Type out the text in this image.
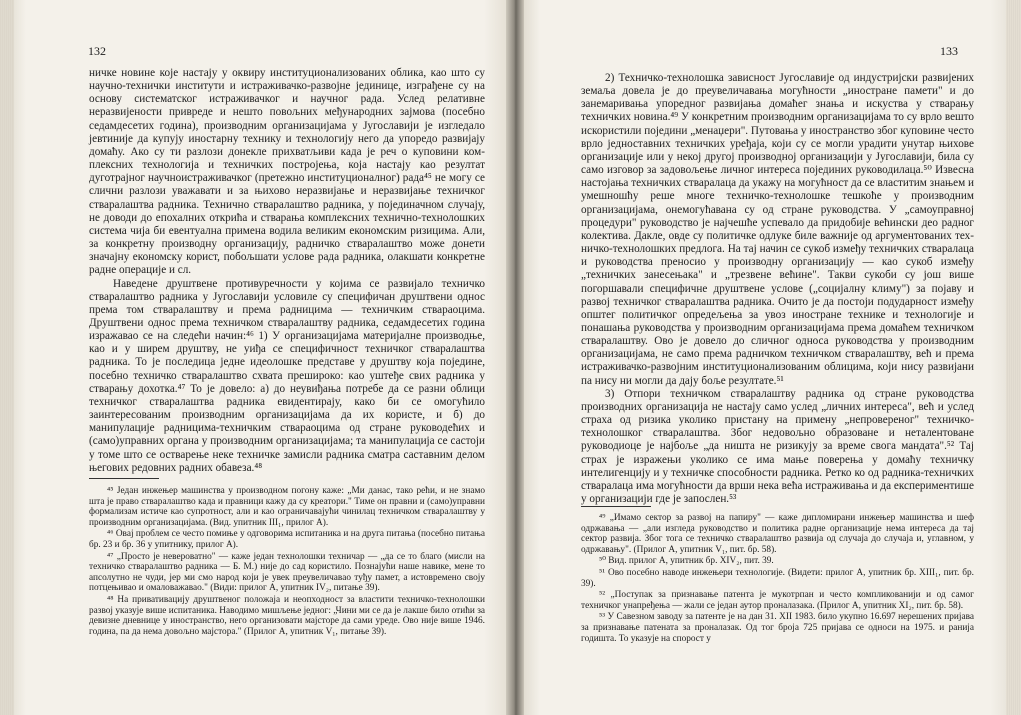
132

ничке новине које настају у оквиру институционализованих облика, као што су научно-технички институти и истраживачко-развојне јединице, изграђене су на основу систематског истраживачког и научног рада. Услед релативне неразвијености привреде и нешто повољних међународних зајмова (посебно седамдесетих година), производним организацијама у Југославији је изгледало јевтиније да купују иностарну технику и технологију него да упоредо развијају домаћу. Ако су ти разлози донекле прихватљиви када је реч о куповини комплексних технологија и техничких постројења, која настају као резултат дуготрајног научноистраживачког (претежно институционалног) рада⁴⁵ не могу се слични разлози уважавати и за њихово неразвијање и неразвијање техничког стваралаштва радника. Технично стваралаштво радника, у појединачном случају, не доводи до епохалних открића и стварања комплексних технично-технолошких система чија би евентуална примена водила великим економским ризицима. Али, за конкретну производну организацију, радничко стваралаштво може донети значајну економску корист, побољшати услове рада радника, олакшати конкретне радне операције и сл.

Наведене друштвене противуречности у којима се развијало техничко стваралаштво радника у Југославији условиле су специфичан друштвени однос према том стваралаштву и према радницима — техничким ствараоцима. Друштвени однос према техничком стваралаштву радника, седамдесетих година изражавао се на следећи начин:⁴⁶ 1) У организацијама материјалне производње, као и у ширем друштву, не уиђа се специфичност техничког стваралаштва радника. То је последица једне идеолошке представе у друштву која поједине, посебно техничко стваралаштво схвата прешироко: као уштеђе свих радника у стварању дохотка.⁴⁷ То је довело: а) до неувиђања потребе да се разни облици техничког стваралаштва радника евидентирају, како би се омогућило заинтересованим производним организацијама да их користе, и б) до манипулације радницима-техничким ствараоцима од стране руководећих и (само)управних органа у производним организацијама; та манипулација се састоји у томе што се остварење неке техничке замисли радника сматра саставним делом његових редовних радних обавеза.⁴⁸

⁴⁵ Један инжењер машинства у производном погону каже: „Ми данас, тако рећи, и не знамо шта је право стваралаштво када и правници кажу да су креатори." Тиме он правни и (само)управни формализам истиче као супротност, али и као ограничавајући чинилац техничком стваралаштву у производним организацијама. (Вид. упитник III₁, прилог А).

⁴⁶ Овај проблем се често помиње у одговорима испитаника и на друга питања (посебно питања бр. 23 и бр. 36 у упитнику, прилог А).

⁴⁷ „Просто је невероватно" — каже један технолошки техничар — „да се то благо (мисли на техничко стваралаштво радника — Б. М.) није до сад користило. Познајући наше навике, мене то апсолутно не чуди, јер ми смо народ који је увек преувеличавао туђу памет, а истовремено своју потцењивао и омаловажавао." (Види: прилог А, упитник IV₂, питање 39).

⁴⁸ На привативацију друштвеног положаја и неопходност за властити техничко-технолошки развој указује више испитаника. Наводимо мишљење једног: „Чини ми се да је лакше било отићи за девизне дневнице у иностранство, него организовати мајсторе да сами уреде. Ово није више 1946. година, па да нема довољно мајстора." (Прилог А, упитник V₁, питање 39).

133

2) Техничко-технолошка зависност Југославије од индустријски развијених земаља довела је до преувеличавања могућности „иностране памети" и до занемаривања упоредног развијања домаћег знања и искуства у стварању техничких новина.⁴⁹ У конкретним производним организацијама то су врло вешто искористили поједини „менаџери". Путовања у иностранство због куповине често врло једноставних техничких уређаја, који су се могли урадити унутар њихове организације или у некој другој производној организацији у Југославији, била су само изговор за задовољење личног интереса појединих руководилаца.⁵⁰ Извесна настојања техничких стваралаца да укажу на могућност да се властитим знањем и умешношћу реше многе техничко-технолошке тешкоће у производним организацијама, онемогућавана су од стране руководства. У „самоуправној процедури" руководство је најчешће успевало да придобије већински део радног колектива. Дакле, овде су политичке одлуке биле важније од аргументованих техничко-технолошких предлога. На тај начин се сукоб између техничких стваралаца и руководства преносио у производну организацију — као сукоб између „техничких занесењака" и „трезвене већине". Такви сукоби су још више погоршавали специфичне друштвене услове („социјалну климу") за појаву и развој техничког стваралаштва радника. Очито је да постоји подударност између општег политичког опредељења за увоз иностране технике и технологије и понашања руководства у производним организацијама према домаћем техничком стваралаштву. Ово је довело до сличног односа руководства у производним организацијама, не само према радничком техничком стваралаштву, већ и према истраживачко-развојним институционализованим облицима, који нису развијани па нису ни могли да дају боље резултате.⁵¹

3) Отпори техничком стваралаштву радника од стране руководства производних организација не настају само услед „личних интереса", већ и услед страха од ризика уколико пристану на примену „непровереног" техничко-технолошког стваралаштва. Због недовољно образоване и неталентоване руководиоце је најбоље „да ништа не ризикују за време свога мандата".⁵² Тај страх је изражењи уколико се има мање поверења у домаћу техничку интелигенцију и у техничке способности радника. Ретко ко од радника-техничких стваралаца има могућности да врши нека већа истраживања и да експериментише у организацији где је запослен.⁵³

⁴⁹ „Имамо сектор за развој на папиру" — каже дипломирани инжењер машинства и шеф одржавања — „али изгледа руководство и политика радне организације нема интереса да тај сектор развија. Због тога се техничко стваралаштво развија од случаја до случаја и, углавном, у одржавању". (Прилог А, упитник V₁, пит. бр. 58).

⁵⁰ Вид. прилог А, упитник бр. XIV₂, пит. 39.

⁵¹ Ово посебно наводе инжењери технологије. (Видети: прилог А, упитник бр. XIII₁, пит. бр. 39).

⁵² „Поступак за признавање патента је мукотрпан и често компликованији и од самог техничког унапређења — жали се један аутор проналазака. (Прилог А, упитник XI₂, пит. бр. 58).

⁵³ У Савезном заводу за патенте је на дан 31. XII 1983. било укупно 16.697 нерешених пријава за признавање патената за проналазак. Од тог броја 725 пријава се односи на 1975. и ранија годишта. То указује на спорост у
